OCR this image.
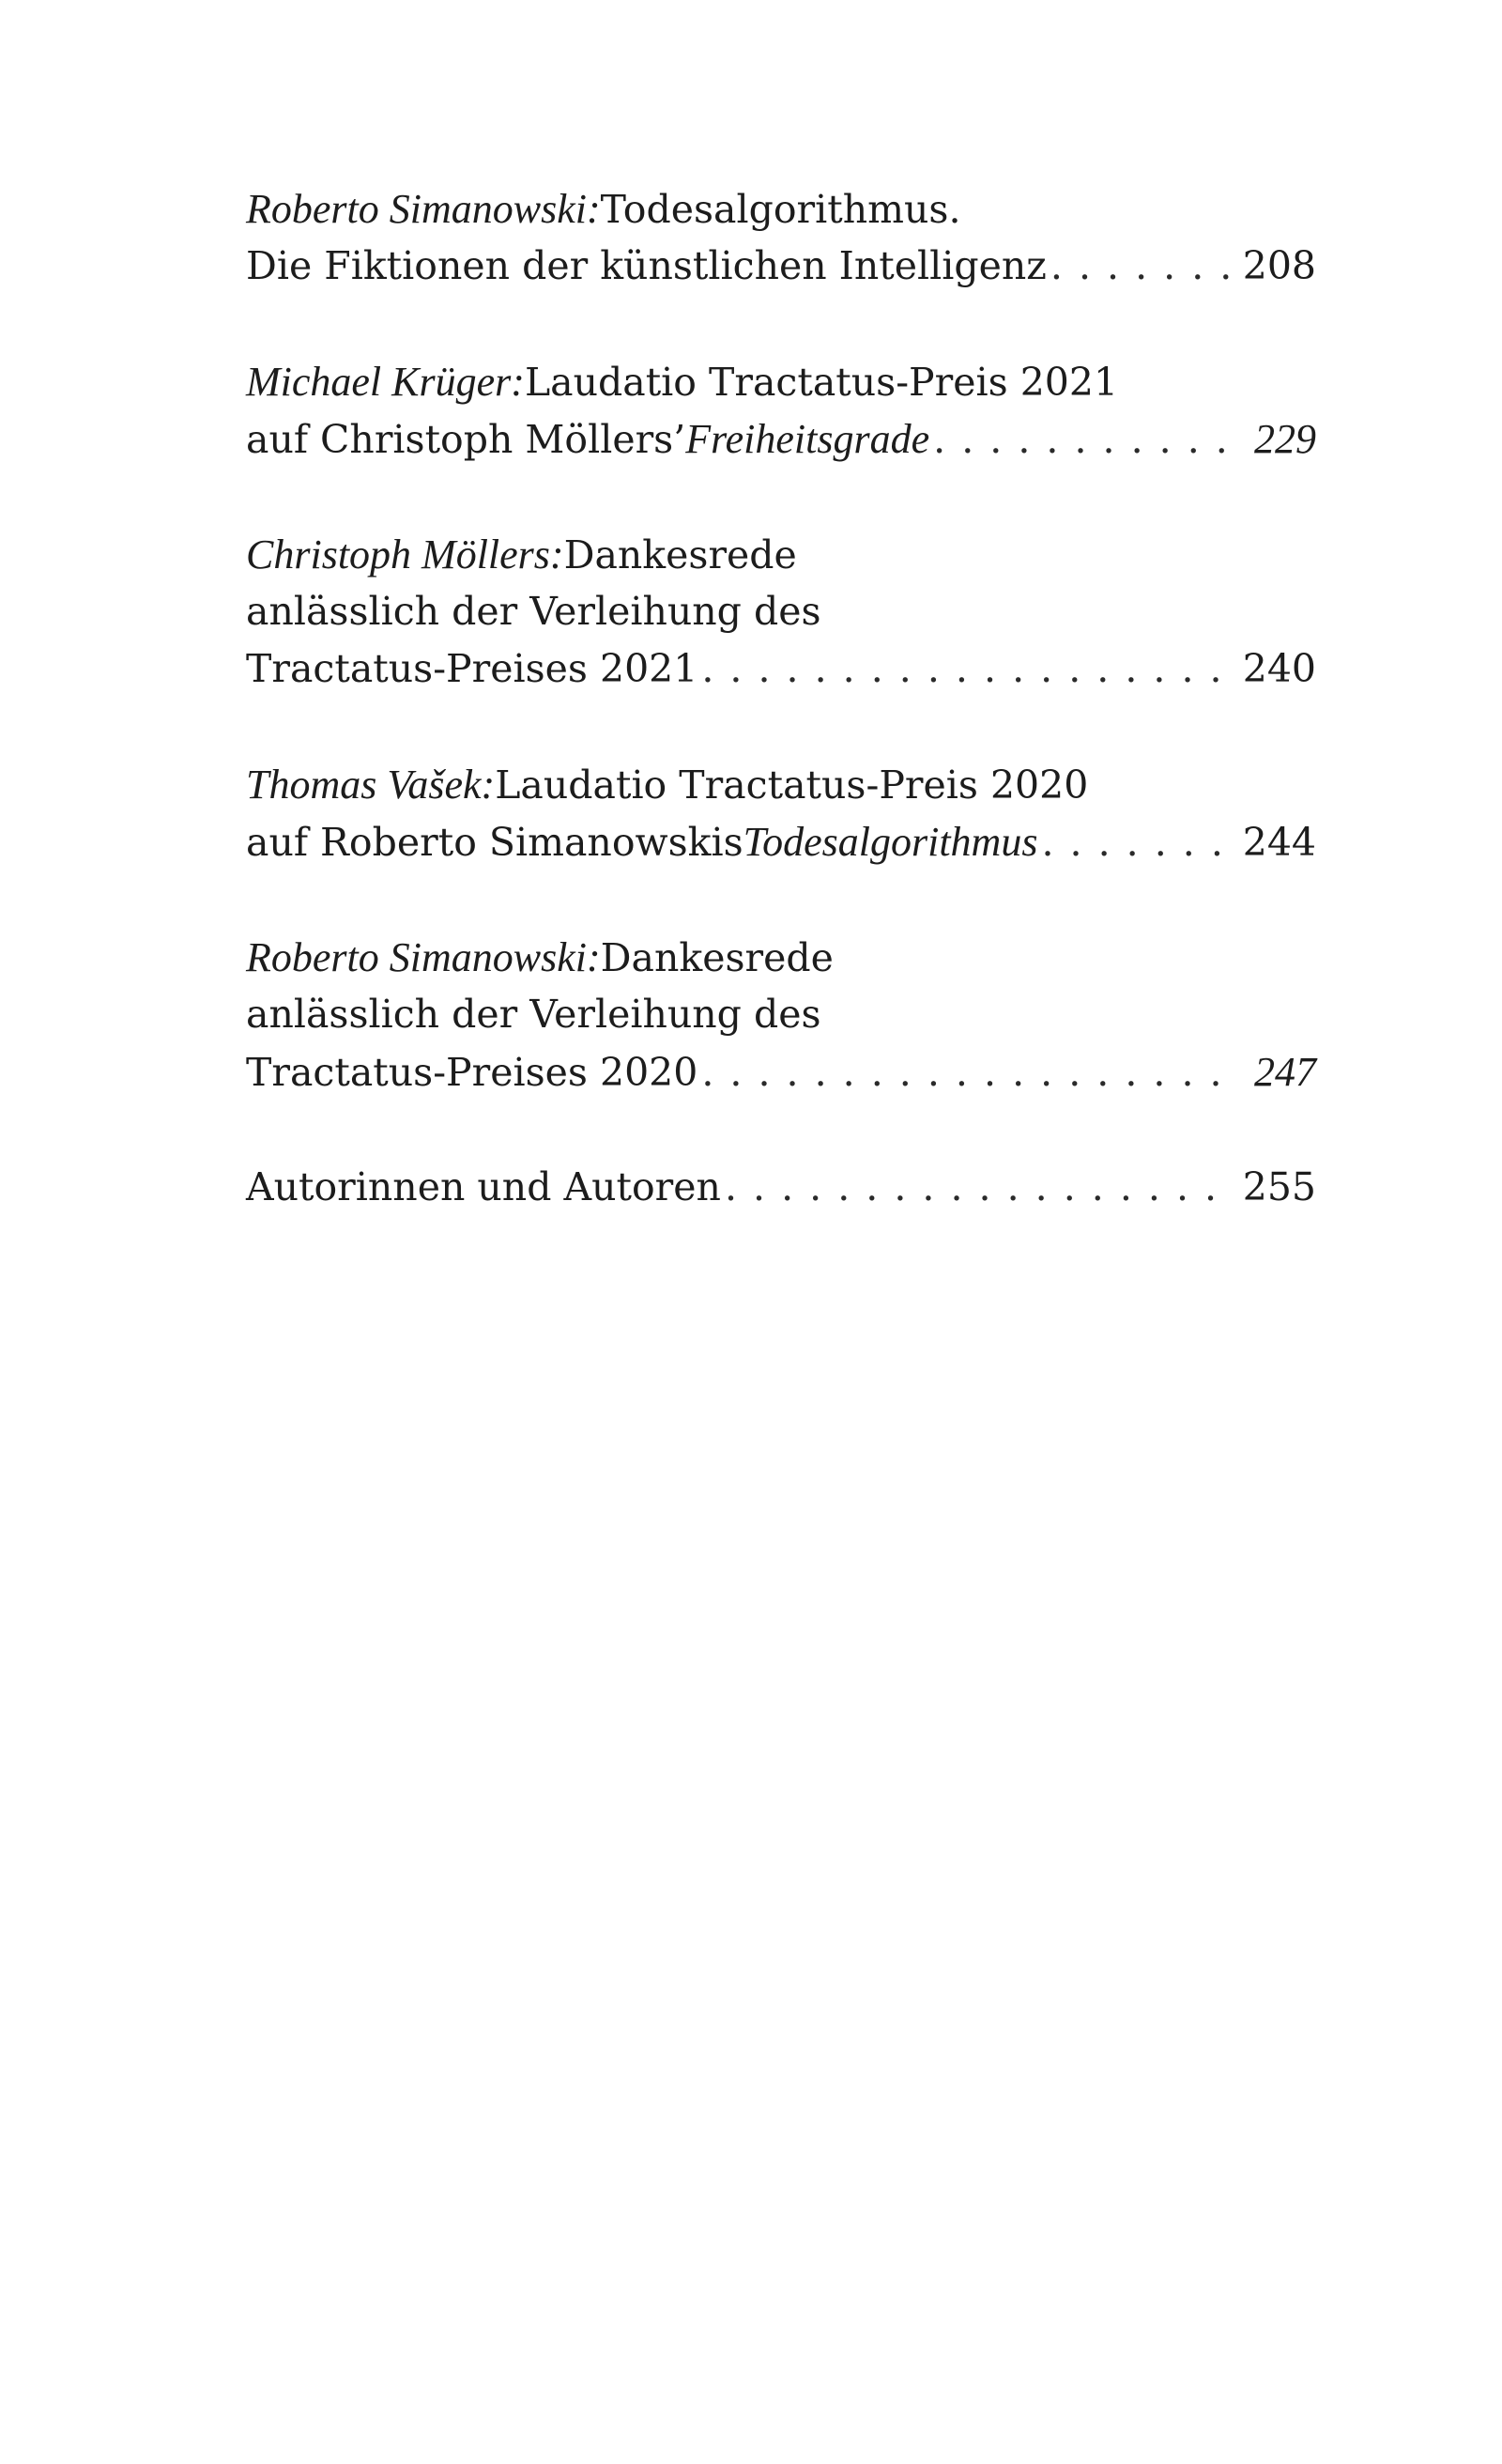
Roberto Simanowski: Todesalgorithmus.
Die Fiktionen der künstlichen Intelligenz . . .	208
Michael Krüger: Laudatio Tractatus-Preis 2021
auf Christoph Möllers’ Freiheitsgrade . . .	229
Christoph Möllers: Dankesrede
anlässlich der Verleihung des
Tractatus-Preises 2021 . . .	240
Thomas Vašek: Laudatio Tractatus-Preis 2020
auf Roberto Simanowskis Todesalgorithmus . . .	244
Roberto Simanowski: Dankesrede
anlässlich der Verleihung des
Tractatus-Preises 2020 . . .	247
Autorinnen und Autoren . . .	255
